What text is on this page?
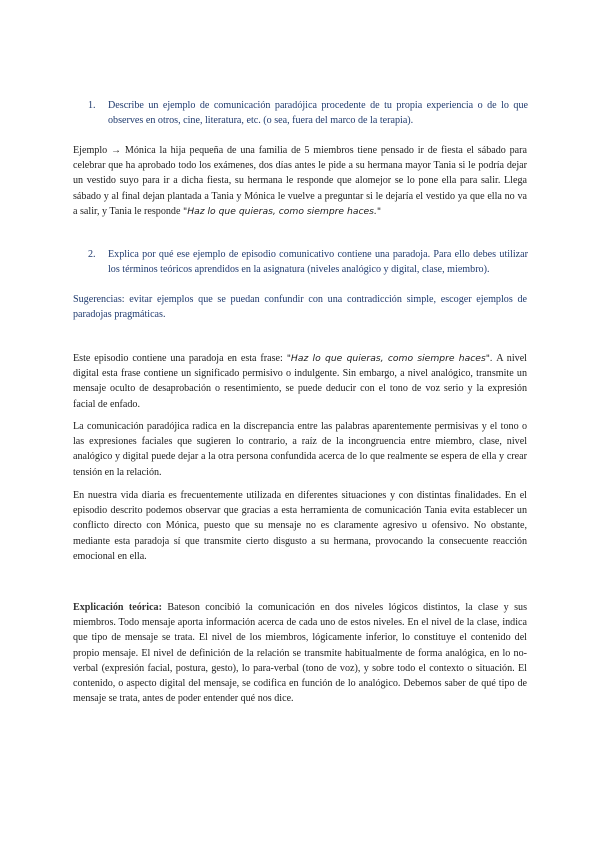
1.	Describe un ejemplo de comunicación paradójica procedente de tu propia experiencia o de lo que observes en otros, cine, literatura, etc. (o sea, fuera del marco de la terapia).

Ejemplo → Mónica la hija pequeña de una familia de 5 miembros tiene pensado ir de fiesta el sábado para celebrar que ha aprobado todo los exámenes, dos días antes le pide a su hermana mayor Tania si le podría dejar un vestido suyo para ir a dicha fiesta, su hermana le responde que alomejor se lo pone ella para salir. Llega sábado y al final dejan plantada a Tania y Mónica le vuelve a preguntar si le dejaría el vestido ya que ella no va a salir, y Tania le responde "Haz lo que quieras, como siempre haces."

2.	Explica por qué ese ejemplo de episodio comunicativo contiene una paradoja. Para ello debes utilizar los términos teóricos aprendidos en la asignatura (niveles analógico y digital, clase, miembro).

Sugerencias: evitar ejemplos que se puedan confundir con una contradicción simple, escoger ejemplos de paradojas pragmáticas.

Este episodio contiene una paradoja en esta frase: "Haz lo que quieras, como siempre haces". A nivel digital esta frase contiene un significado permisivo o indulgente. Sin embargo, a nivel analógico, transmite un mensaje oculto de desaprobación o resentimiento, se puede deducir con el tono de voz serio y la expresión facial de enfado.

La comunicación paradójica radica en la discrepancia entre las palabras aparentemente permisivas y el tono o las expresiones faciales que sugieren lo contrario, a raíz de la incongruencia entre miembro, clase, nivel analógico y digital puede dejar a la otra persona confundida acerca de lo que realmente se espera de ella y crear tensión en la relación.

En nuestra vida diaria es frecuentemente utilizada en diferentes situaciones y con distintas finalidades. En el episodio descrito podemos observar que gracias a esta herramienta de comunicación Tania evita establecer un conflicto directo con Mónica, puesto que su mensaje no es claramente agresivo u ofensivo. No obstante, mediante esta paradoja sí que transmite cierto disgusto a su hermana, provocando la consecuente reacción emocional en ella.

Explicación teórica: Bateson concibió la comunicación en dos niveles lógicos distintos, la clase y sus miembros. Todo mensaje aporta información acerca de cada uno de estos niveles. En el nivel de la clase, indica que tipo de mensaje se trata. El nivel de los miembros, lógicamente inferior, lo constituye el contenido del propio mensaje. El nivel de definición de la relación se transmite habitualmente de forma analógica, en lo no-verbal (expresión facial, postura, gesto), lo para-verbal (tono de voz), y sobre todo el contexto o situación. El contenido, o aspecto digital del mensaje, se codifica en función de lo analógico. Debemos saber de qué tipo de mensaje se trata, antes de poder entender qué nos dice.
